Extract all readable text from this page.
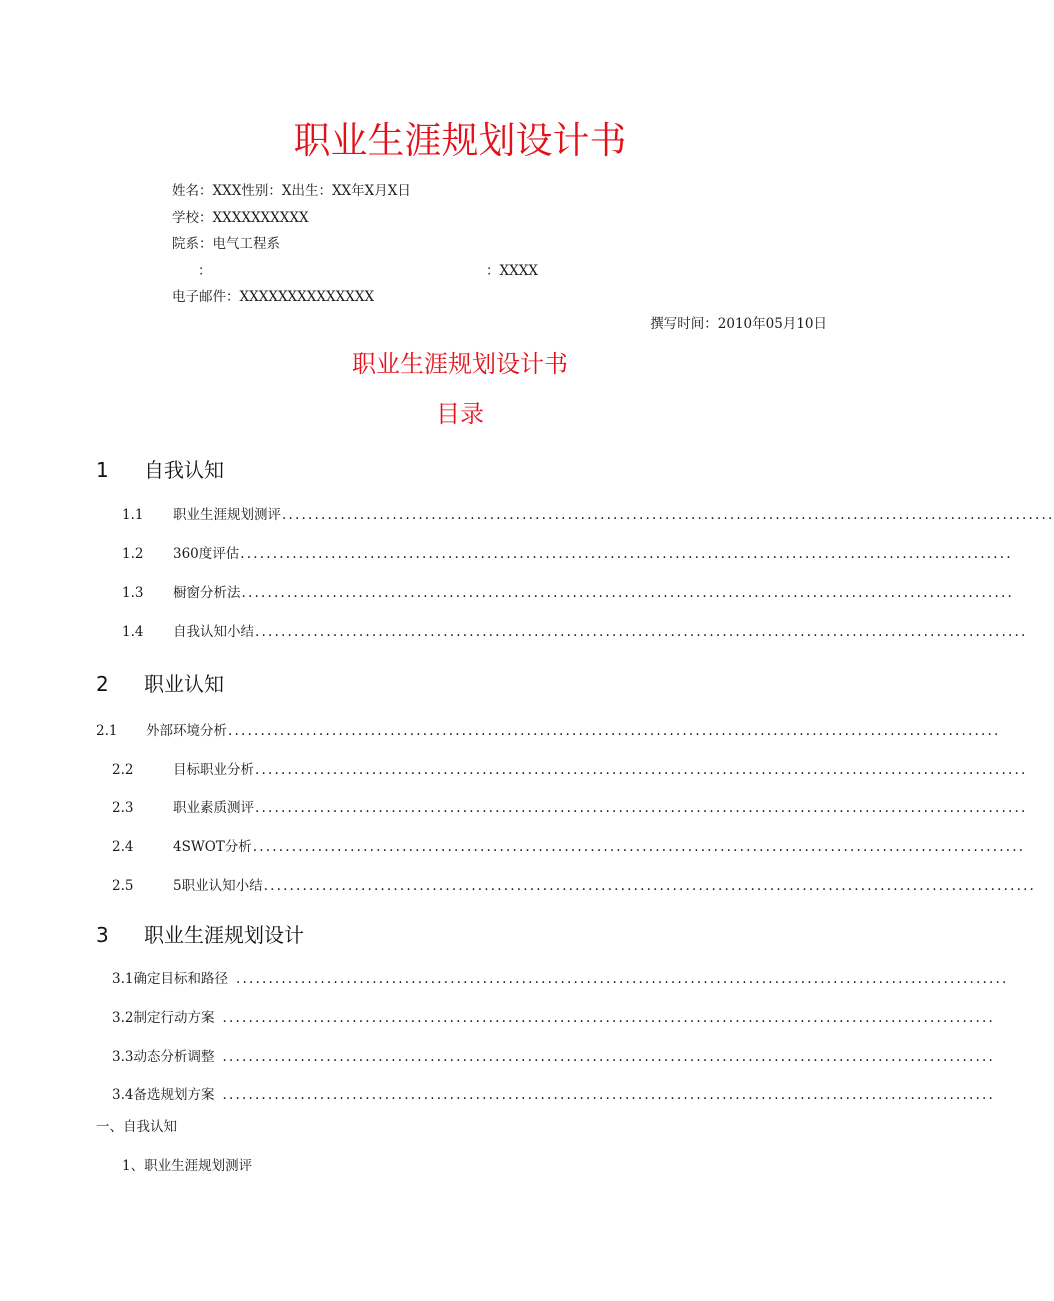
职业生涯规划设计书
姓名：XXX性别：X出生：XX年X月X日
学校：XXXXXXXXXX
院系：电气工程系
：	：XXXX
电子邮件：XXXXXXXXXXXXXX
撰写时间：2010年05月10日
职业生涯规划设计书
目录
1 自我认知
1.1	职业生涯规划测评 .......................................................................................................................
1.2	360度评估 .......................................................................................................................
1.3	橱窗分析法 .......................................................................................................................
1.4	自我认知小结 .......................................................................................................................
2 职业认知
2.1	外部环境分析 .......................................................................................................................
2.2	目标职业分析 .......................................................................................................................
2.3	职业素质测评 .......................................................................................................................
2.4	4SWOT分析 .......................................................................................................................
2.5	5职业认知小结 .......................................................................................................................
3 职业生涯规划设计
3.1 确定目标和路径 .......................................................................................................................
3.2 制定行动方案 .......................................................................................................................
3.3 动态分析调整 .......................................................................................................................
3.4 备选规划方案 .......................................................................................................................
一、自我认知
1、职业生涯规划测评
